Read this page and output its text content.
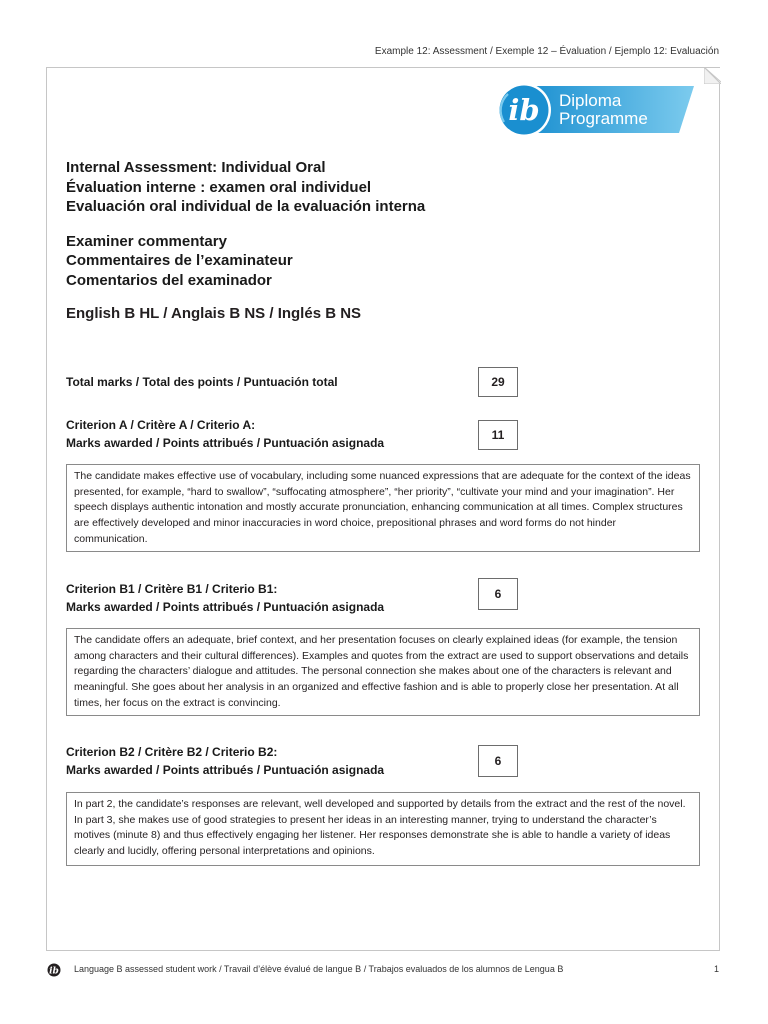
Example 12: Assessment / Exemple 12 – Évaluation / Ejemplo 12: Evaluación
ib Diploma
Programme
Internal Assessment: Individual Oral
Évaluation interne : examen oral individuel
Evaluación oral individual de la evaluación interna
Examiner commentary
Commentaires de l’examinateur
Comentarios del examinador
English B HL / Anglais B NS / Inglés B NS
Total marks / Total des points / Puntuación total	29
Criterion A / Critère A / Criterio A:
Marks awarded / Points attribués / Puntuación asignada
11
The candidate makes effective use of vocabulary, including some nuanced expressions that are adequate for the context of the ideas presented, for example, “hard to swallow”, “suffocating atmosphere”, “her priority”, “cultivate your mind and your imagination”. Her speech displays authentic intonation and mostly accurate pronunciation, enhancing communication at all times. Complex structures are effectively developed and minor inaccuracies in word choice, prepositional phrases and word forms do not hinder communication.
Criterion B1 / Critère B1 / Criterio B1:
Marks awarded / Points attribués / Puntuación asignada
6
The candidate offers an adequate, brief context, and her presentation focuses on clearly explained ideas (for example, the tension among characters and their cultural differences). Examples and quotes from the extract are used to support observations and details regarding the characters’ dialogue and attitudes. The personal connection she makes about one of the characters is relevant and meaningful. She goes about her analysis in an organized and effective fashion and is able to properly close her presentation. At all times, her focus on the extract is convincing.
Criterion B2 / Critère B2 / Criterio B2:
Marks awarded / Points attribués / Puntuación asignada
6
In part 2, the candidate’s responses are relevant, well developed and supported by details from the extract and the rest of the novel. In part 3, she makes use of good strategies to present her ideas in an interesting manner, trying to understand the character’s motives (minute 8) and thus effectively engaging her listener. Her responses demonstrate she is able to handle a variety of ideas clearly and lucidly, offering personal interpretations and opinions.
ib Language B assessed student work / Travail d’élève évalué de langue B / Trabajos evaluados de los alumnos de Lengua B	1
